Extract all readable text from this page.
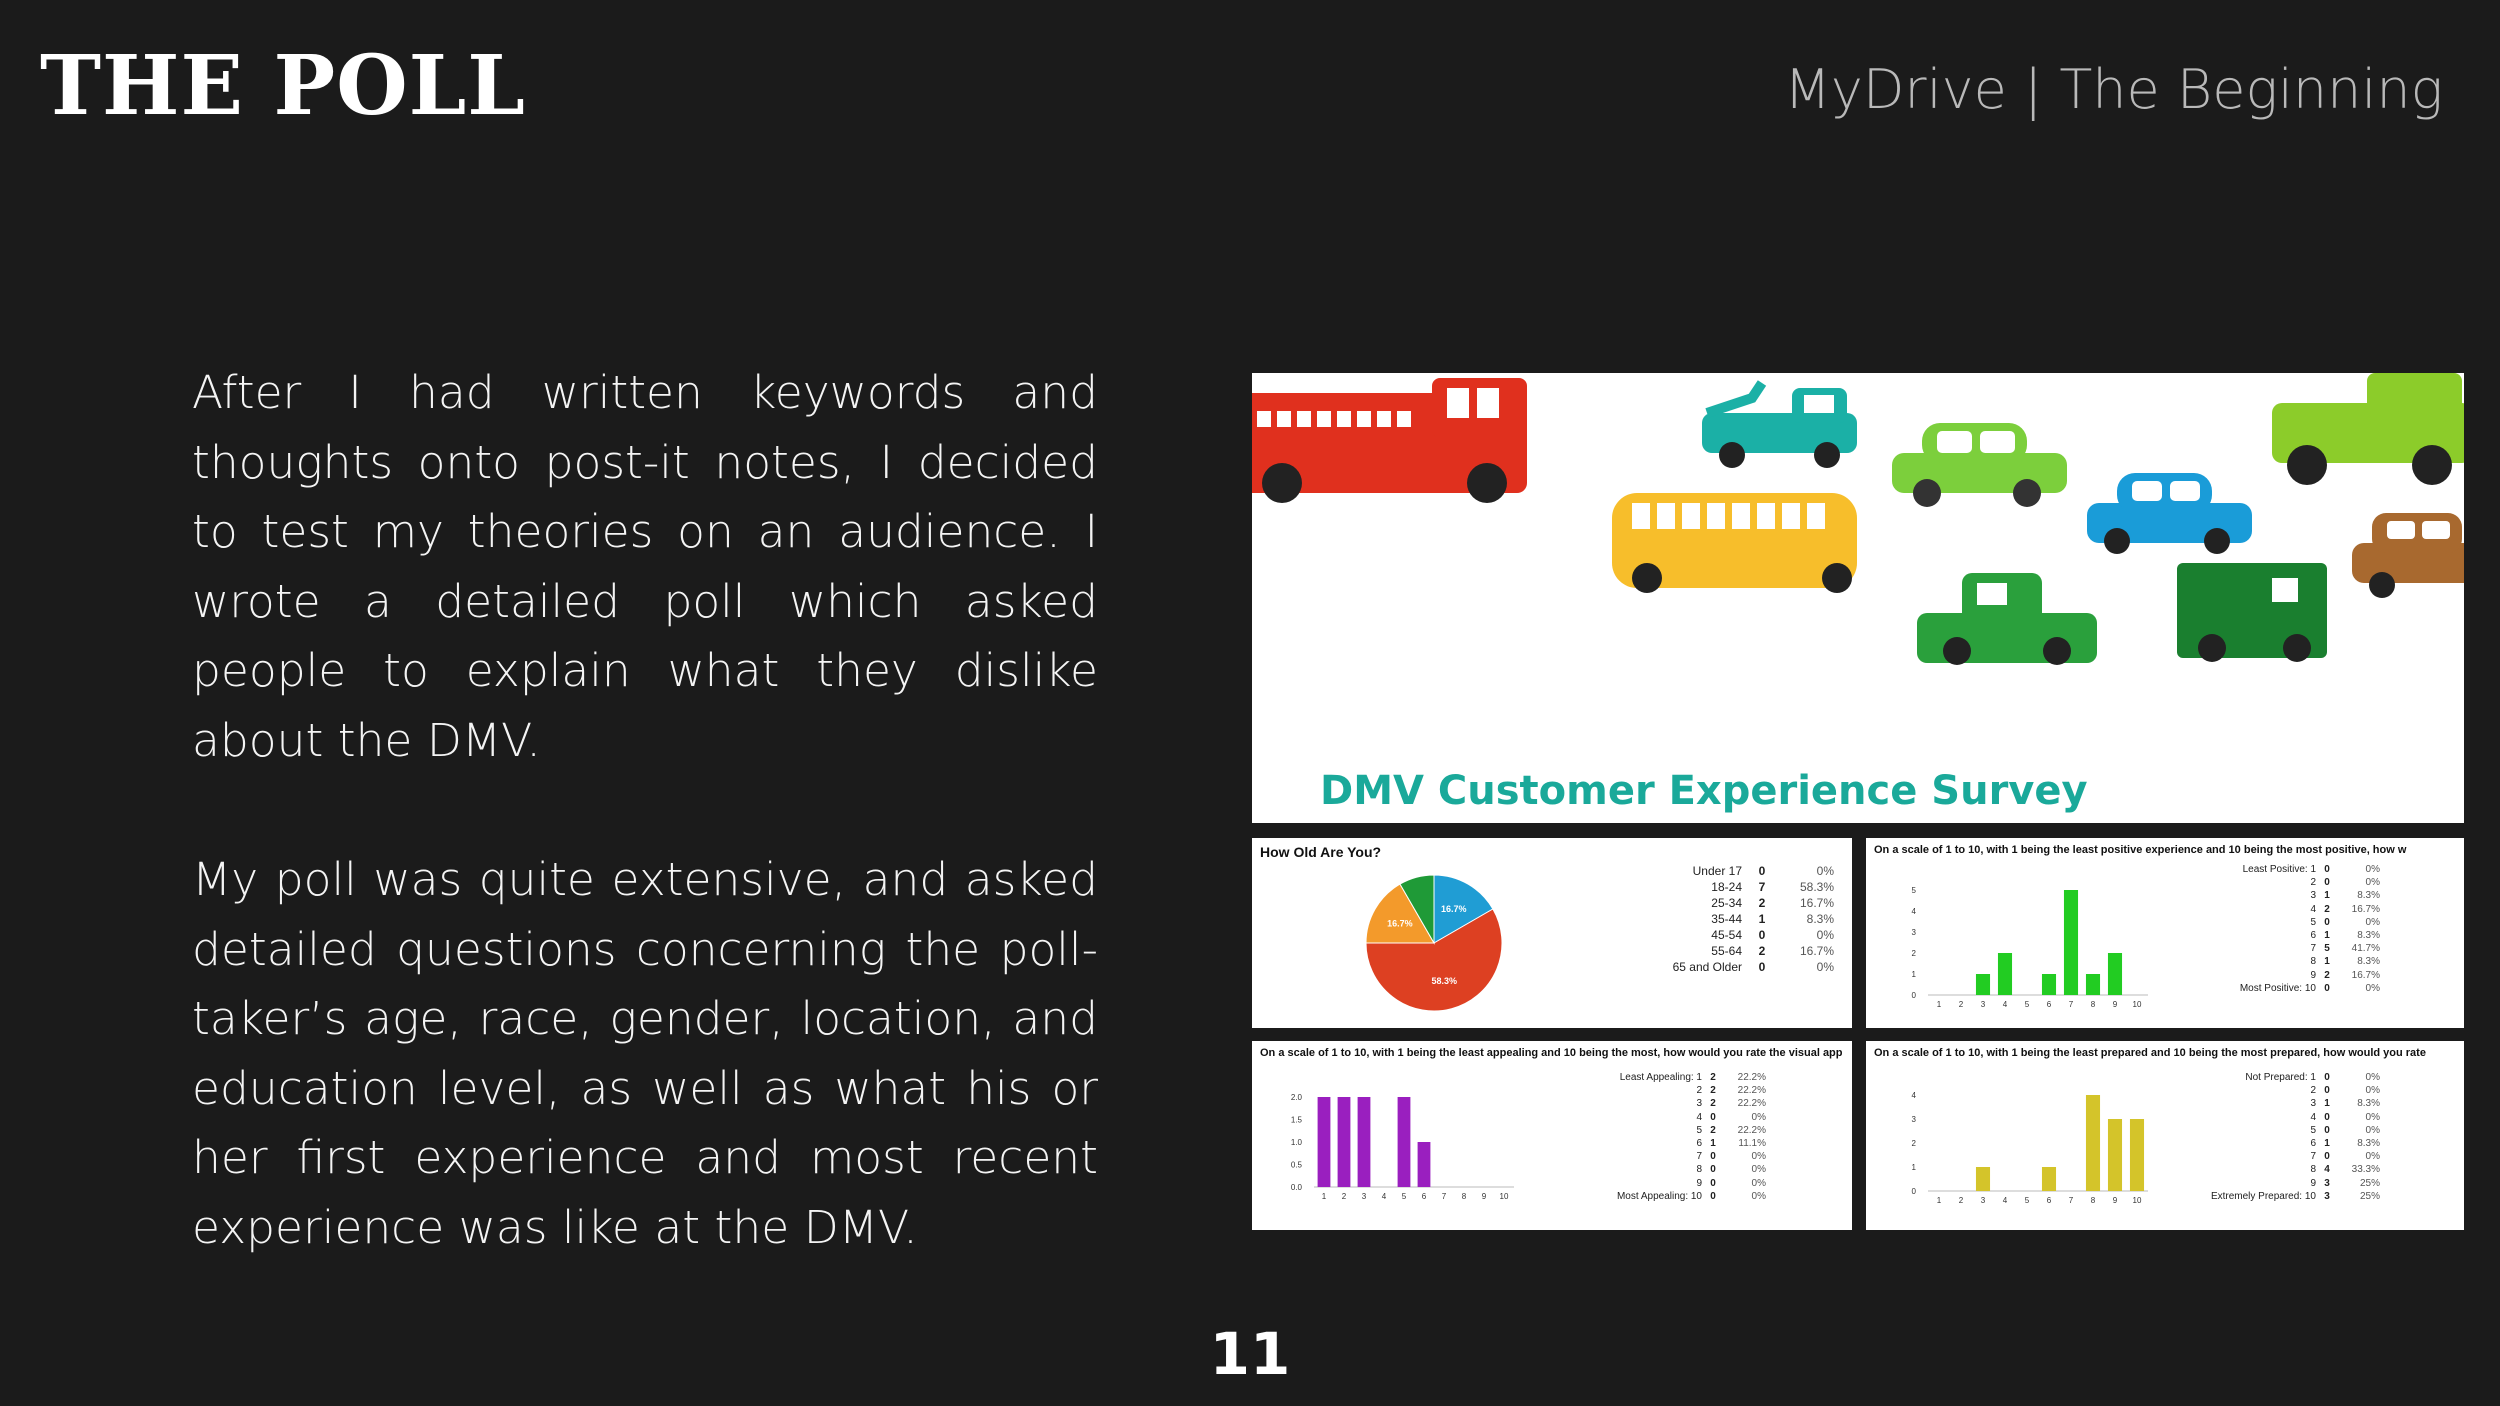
THE POLL	MyDrive | The Beginning

After I had written keywords and thoughts onto post-it notes, I decided to test my theories on an audience. I wrote a detailed poll which asked people to explain what they dislike about the DMV.

My poll was quite extensive, and asked detailed questions concerning the poll-taker’s age, race, gender, location, and education level, as well as what his or her first experience and most recent experience was like at the DMV.

DMV Customer Experience Survey
How Old Are You?
16.7%
58.3%
16.7%
Under 17	0	0%
18-24	7	58.3%
25-34	2	16.7%
35-44	1	8.3%
45-54	0	0%
55-64	2	16.7%
65 and Older	0	0%
On a scale of 1 to 10, with 1 being the least positive experience and 10 being the most positive, how w
0
1
2
3
4
5
1 2 3 4 5 6 7 8 9 10
Least Positive: 1 0	0%
2 0	0%
3 1	8.3%
4 2	16.7%
5 0	0%
6 1	8.3%
7 5	41.7%
8 1	8.3%
9 2	16.7%
Most Positive: 10 0	0%
On a scale of 1 to 10, with 1 being the least appealing and 10 being the most, how would you rate the visual app
0.0
0.5
1.0
1.5
2.0
1 2 3 4 5 6 7 8 9 10
Least Appealing: 1 2	22.2%
2 2	22.2%
3 2	22.2%
4 0	0%
5 2	22.2%
6 1	11.1%
7 0	0%
8 0	0%
9 0	0%
Most Appealing: 10 0	0%
On a scale of 1 to 10, with 1 being the least prepared and 10 being the most prepared, how would you rate
0
1
2
3
4
1 2 3 4 5 6 7 8 9 10
Not Prepared: 1 0	0%
2 0	0%
3 1	8.3%
4 0	0%
5 0	0%
6 1	8.3%
7 0	0%
8 4	33.3%
9 3	25%
Extremely Prepared: 10 3	25%
11
